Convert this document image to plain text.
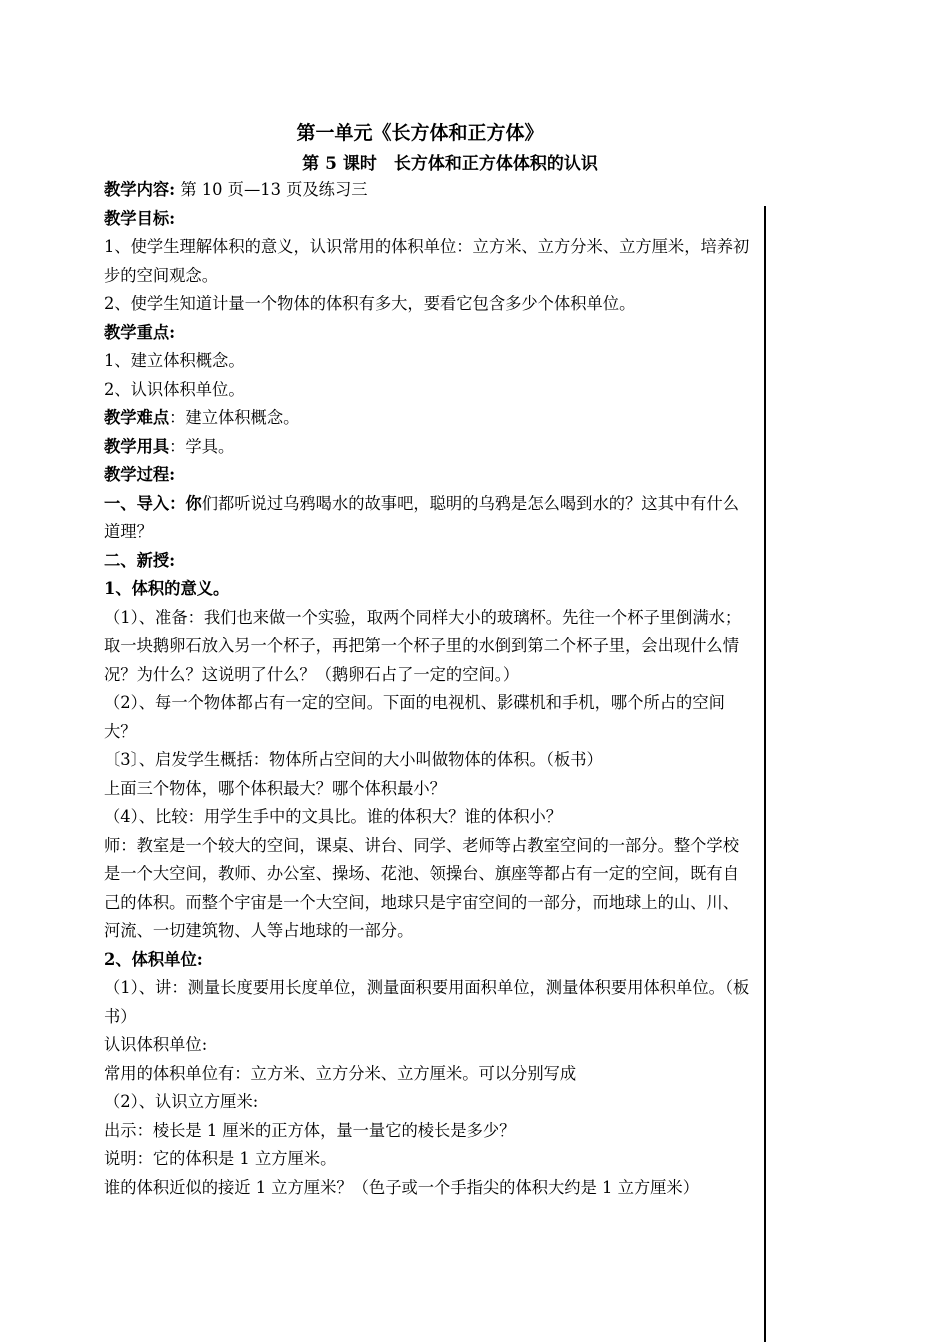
第一单元《长方体和正方体》
第 5 课时　长方体和正方体体积的认识

教学内容: 第 10 页—13 页及练习三

教学目标:

1、使学生理解体积的意义，认识常用的体积单位：立方米、立方分米、立方厘米，培养初步的空间观念。

2、使学生知道计量一个物体的体积有多大，要看它包含多少个体积单位。

教学重点:

1、建立体积概念。

2、认识体积单位。

教学难点：建立体积概念。

教学用具：学具。

教学过程:

一、导入：你们都听说过乌鸦喝水的故事吧，聪明的乌鸦是怎么喝到水的？这其中有什么道理？

二、新授:

1、体积的意义。

（1）、准备：我们也来做一个实验，取两个同样大小的玻璃杯。先往一个杯子里倒满水；取一块鹅卵石放入另一个杯子，再把第一个杯子里的水倒到第二个杯子里，会出现什么情况？为什么？这说明了什么？（鹅卵石占了一定的空间。）

（2）、每一个物体都占有一定的空间。下面的电视机、影碟机和手机，哪个所占的空间大？

〔3〕、启发学生概括：物体所占空间的大小叫做物体的体积。（板书）

上面三个物体，哪个体积最大？哪个体积最小？

（4）、比较：用学生手中的文具比。谁的体积大？谁的体积小？

师：教室是一个较大的空间，课桌、讲台、同学、老师等占教室空间的一部分。整个学校是一个大空间，教师、办公室、操场、花池、领操台、旗座等都占有一定的空间，既有自己的体积。而整个宇宙是一个大空间，地球只是宇宙空间的一部分，而地球上的山、川、河流、一切建筑物、人等占地球的一部分。

2、体积单位:

（1）、讲：测量长度要用长度单位，测量面积要用面积单位，测量体积要用体积单位。（板书）

认识体积单位:

常用的体积单位有：立方米、立方分米、立方厘米。可以分别写成

（2）、认识立方厘米:

出示：棱长是 1 厘米的正方体，量一量它的棱长是多少？

说明：它的体积是 1 立方厘米。

谁的体积近似的接近 1 立方厘米？（色子或一个手指尖的体积大约是 1 立方厘米）
